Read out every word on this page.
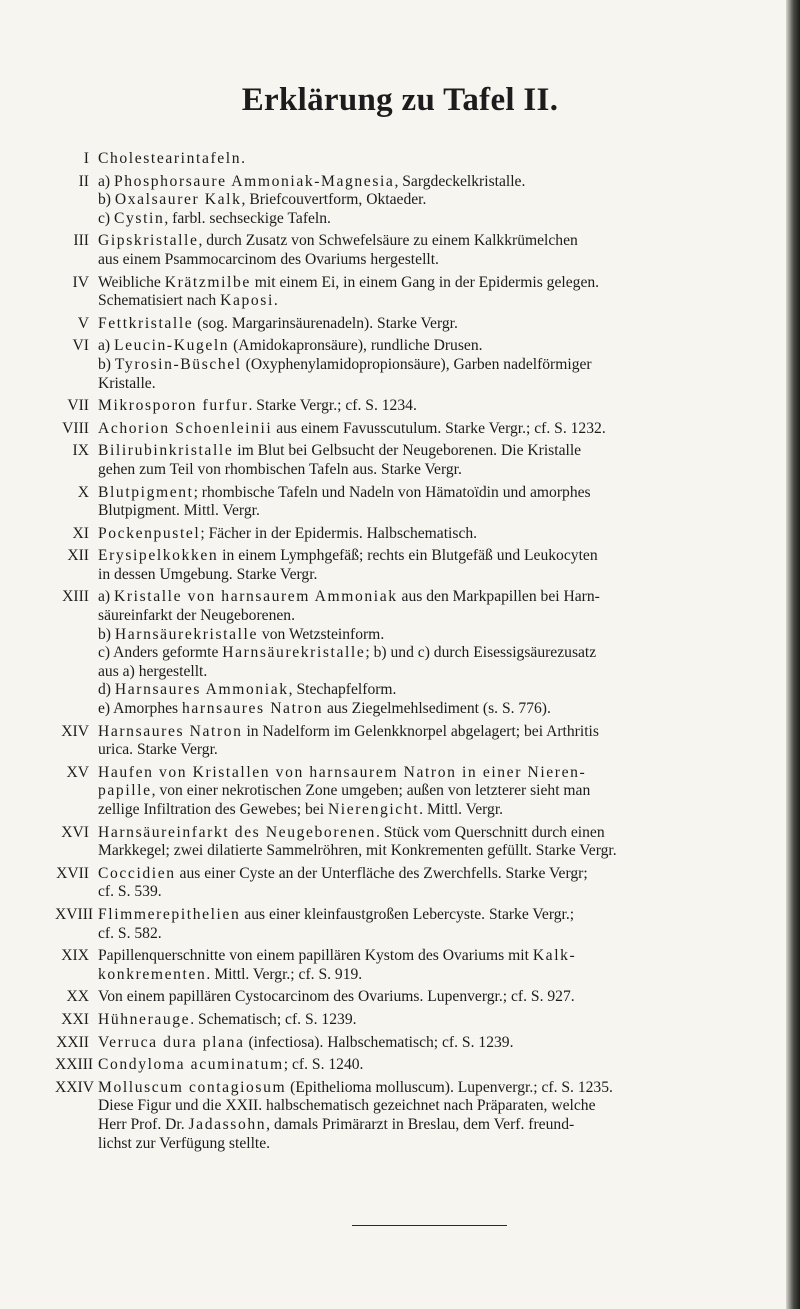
Erklärung zu Tafel II.
I Cholestearintafeln.
II a) Phosphorsaure Ammoniak-Magnesia, Sargdeckelkristalle.
b) Oxalsaurer Kalk, Briefcouvertform, Oktaeder.
c) Cystin, farbl. sechseckige Tafeln.
III Gipskristalle, durch Zusatz von Schwefelsäure zu einem Kalkkrümelchen
aus einem Psammocarcinom des Ovariums hergestellt.
IV Weibliche Krätzmilbe mit einem Ei, in einem Gang in der Epidermis gelegen.
Schematisiert nach Kaposi.
V Fettkristalle (sog. Margarinsäurenadeln). Starke Vergr.
VI a) Leucin-Kugeln (Amidokapronsäure), rundliche Drusen.
b) Tyrosin-Büschel (Oxyphenylamidopropionsäure), Garben nadelförmiger
Kristalle.
VII Mikrosporon furfur. Starke Vergr.; cf. S. 1234.
VIII Achorion Schoenleinii aus einem Favusscutulum. Starke Vergr.; cf. S. 1232.
IX Bilirubinkristalle im Blut bei Gelbsucht der Neugeborenen. Die Kristalle
gehen zum Teil von rhombischen Tafeln aus. Starke Vergr.
X Blutpigment; rhombische Tafeln und Nadeln von Hämatoïdin und amorphes
Blutpigment. Mittl. Vergr.
XI Pockenpustel; Fächer in der Epidermis. Halbschematisch.
XII Erysipelkokken in einem Lymphgefäß; rechts ein Blutgefäß und Leukocyten
in dessen Umgebung. Starke Vergr.
XIII a) Kristalle von harnsaurem Ammoniak aus den Markpapillen bei Harn-
säureinfarkt der Neugeborenen.
b) Harnsäurekristalle von Wetzsteinform.
c) Anders geformte Harnsäurekristalle; b) und c) durch Eisessigsäurezusatz
aus a) hergestellt.
d) Harnsaures Ammoniak, Stechapfelform.
e) Amorphes harnsaures Natron aus Ziegelmehlsediment (s. S. 776).
XIV Harnsaures Natron in Nadelform im Gelenkknorpel abgelagert; bei Arthritis
urica. Starke Vergr.
XV Haufen von Kristallen von harnsaurem Natron in einer Nieren-
papille, von einer nekrotischen Zone umgeben; außen von letzterer sieht man
zellige Infiltration des Gewebes; bei Nierengicht. Mittl. Vergr.
XVI Harnsäureinfarkt des Neugeborenen. Stück vom Querschnitt durch einen
Markkegel; zwei dilatierte Sammelröhren, mit Konkrementen gefüllt. Starke Vergr.
XVII Coccidien aus einer Cyste an der Unterfläche des Zwerchfells. Starke Vergr;
cf. S. 539.
XVIII Flimmerepithelien aus einer kleinfaustgroßen Lebercyste. Starke Vergr.;
cf. S. 582.
XIX Papillenquerschnitte von einem papillären Kystom des Ovariums mit Kalk-
konkrementen. Mittl. Vergr.; cf. S. 919.
XX Von einem papillären Cystocarcinom des Ovariums. Lupenvergr.; cf. S. 927.
XXI Hühnerauge. Schematisch; cf. S. 1239.
XXII Verruca dura plana (infectiosa). Halbschematisch; cf. S. 1239.
XXIII Condyloma acuminatum; cf. S. 1240.
XXIV Molluscum contagiosum (Epithelioma molluscum). Lupenvergr.; cf. S. 1235.
Diese Figur und die XXII. halbschematisch gezeichnet nach Präparaten, welche
Herr Prof. Dr. Jadassohn, damals Primärarzt in Breslau, dem Verf. freund-
lichst zur Verfügung stellte.
